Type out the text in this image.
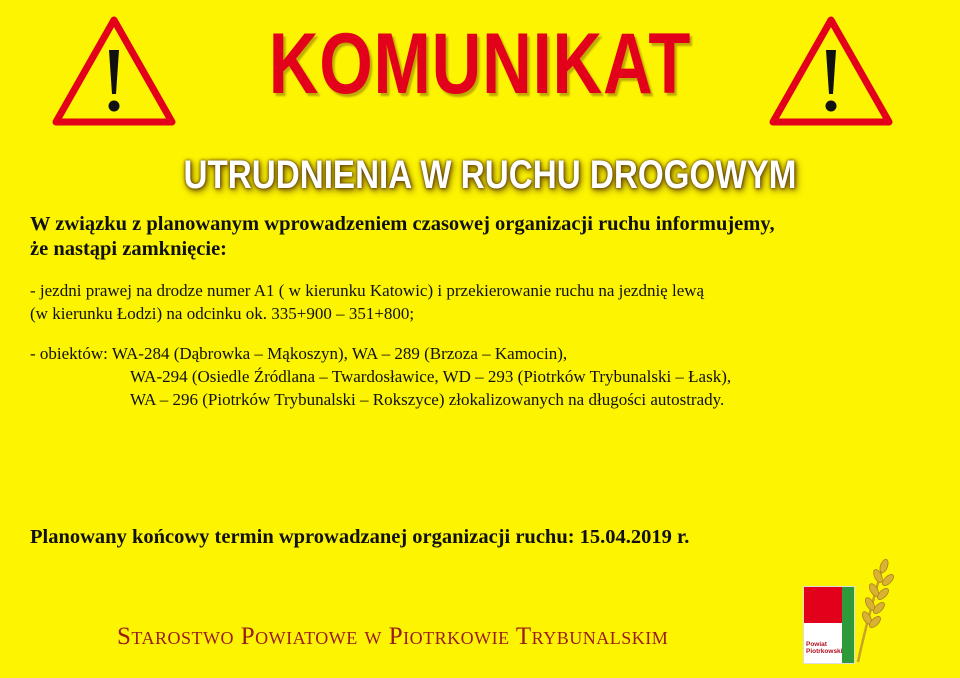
KOMUNIKAT
UTRUDNIENIA W RUCHU DROGOWYM
W związku z planowanym wprowadzeniem czasowej organizacji ruchu informujemy,
że nastąpi zamknięcie:
- jezdni prawej na drodze numer A1 ( w kierunku Katowic) i przekierowanie ruchu na jezdnię lewą
(w kierunku Łodzi) na odcinku ok. 335+900 – 351+800;
- obiektów: WA-284 (Dąbrowka – Mąkoszyn), WA – 289 (Brzoza – Kamocin),
WA-294 (Osiedle Źródlana – Twardosławice, WD – 293 (Piotrków Trybunalski – Łask),
WA – 296 (Piotrków Trybunalski – Rokszyce) złokalizowanych na długości autostrady.
Planowany końcowy termin wprowadzanej organizacji ruchu: 15.04.2019 r.
Starostwo Powiatowe w Piotrkowie Trybunalskim	Powiat
Piotrkowski
